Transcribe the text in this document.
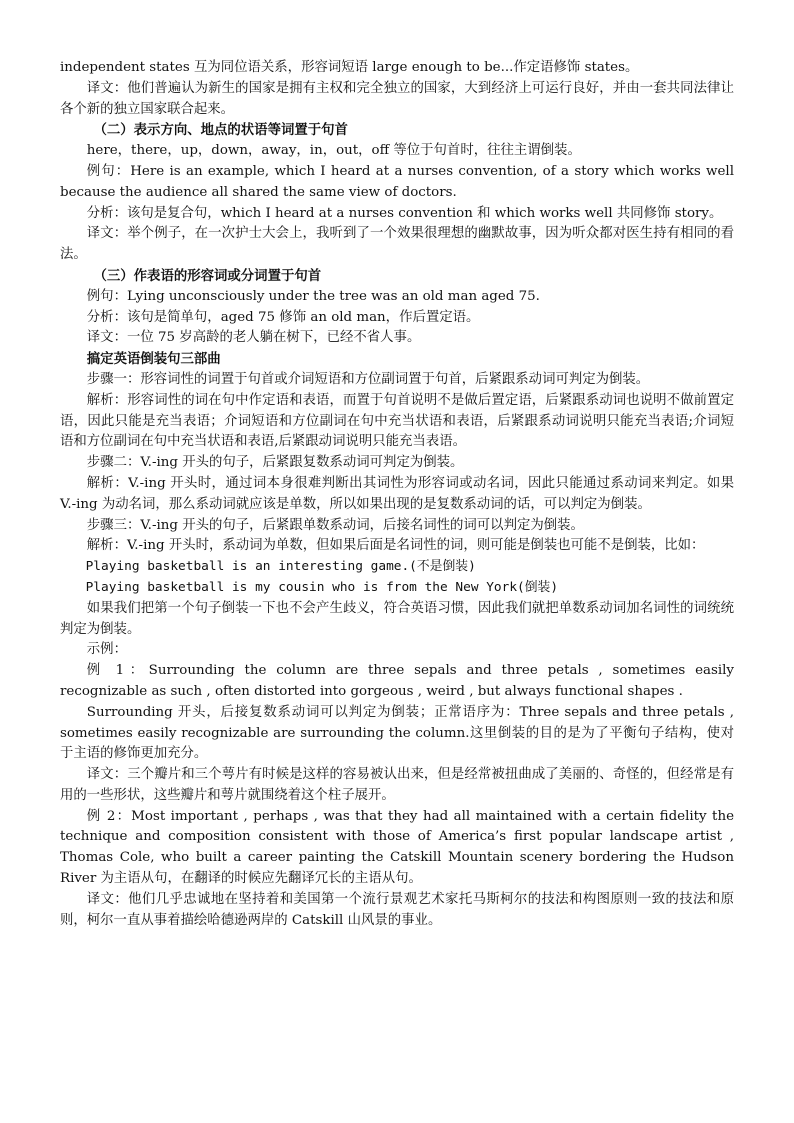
independent states 互为同位语关系，形容词短语 large enough to be...作定语修饰 states。

译文：他们普遍认为新生的国家是拥有主权和完全独立的国家，大到经济上可运行良好，并由一套共同法律让各个新的独立国家联合起来。

（二）表示方向、地点的状语等词置于句首

here，there，up，down，away，in，out，off 等位于句首时，往往主谓倒装。

例句：Here is an example, which I heard at a nurses convention, of a story which works well because the audience all shared the same view of doctors.

分析：该句是复合句，which I heard at a nurses convention 和 which works well 共同修饰 story。

译文：举个例子，在一次护士大会上，我听到了一个效果很理想的幽默故事，因为听众都对医生持有相同的看法。

（三）作表语的形容词或分词置于句首

例句：Lying unconsciously under the tree was an old man aged 75.

分析：该句是简单句，aged 75 修饰 an old man，作后置定语。

译文：一位 75 岁高龄的老人躺在树下，已经不省人事。

搞定英语倒装句三部曲

步骤一：形容词性的词置于句首或介词短语和方位副词置于句首，后紧跟系动词可判定为倒装。

解析：形容词性的词在句中作定语和表语，而置于句首说明不是做后置定语，后紧跟系动词也说明不做前置定语，因此只能是充当表语；介词短语和方位副词在句中充当状语和表语，后紧跟系动词说明只能充当表语;介词短语和方位副词在句中充当状语和表语,后紧跟动词说明只能充当表语。

步骤二：V.-ing 开头的句子，后紧跟复数系动词可判定为倒装。

解析：V.-ing 开头时，通过词本身很难判断出其词性为形容词或动名词，因此只能通过系动词来判定。如果 V.-ing 为动名词，那么系动词就应该是单数，所以如果出现的是复数系动词的话，可以判定为倒装。

步骤三：V.-ing 开头的句子，后紧跟单数系动词，后接名词性的词可以判定为倒装。

解析：V.-ing 开头时，系动词为单数，但如果后面是名词性的词，则可能是倒装也可能不是倒装，比如：

Playing basketball is an interesting game.(不是倒装)

Playing basketball is my cousin who is from the New York(倒装)

如果我们把第一个句子倒装一下也不会产生歧义，符合英语习惯，因此我们就把单数系动词加名词性的词统统判定为倒装。

示例：

例 1：Surrounding the column are three sepals and three petals , sometimes easily recognizable as such , often distorted into gorgeous , weird , but always functional shapes .

Surrounding 开头，后接复数系动词可以判定为倒装；正常语序为：Three sepals and three petals , sometimes easily recognizable are surrounding the column.这里倒装的目的是为了平衡句子结构，使对于主语的修饰更加充分。

译文：三个瓣片和三个萼片有时候是这样的容易被认出来，但是经常被扭曲成了美丽的、奇怪的，但经常是有用的一些形状，这些瓣片和萼片就围绕着这个柱子展开。

例 2：Most important , perhaps , was that they had all maintained with a certain fidelity the technique and composition consistent with those of America’s first popular landscape artist , Thomas Cole, who built a career painting the Catskill Mountain scenery bordering the Hudson River 为主语从句，在翻译的时候应先翻译冗长的主语从句。

译文：他们几乎忠诚地在坚持着和美国第一个流行景观艺术家托马斯柯尔的技法和构图原则一致的技法和原则，柯尔一直从事着描绘哈德逊两岸的 Catskill 山风景的事业。
